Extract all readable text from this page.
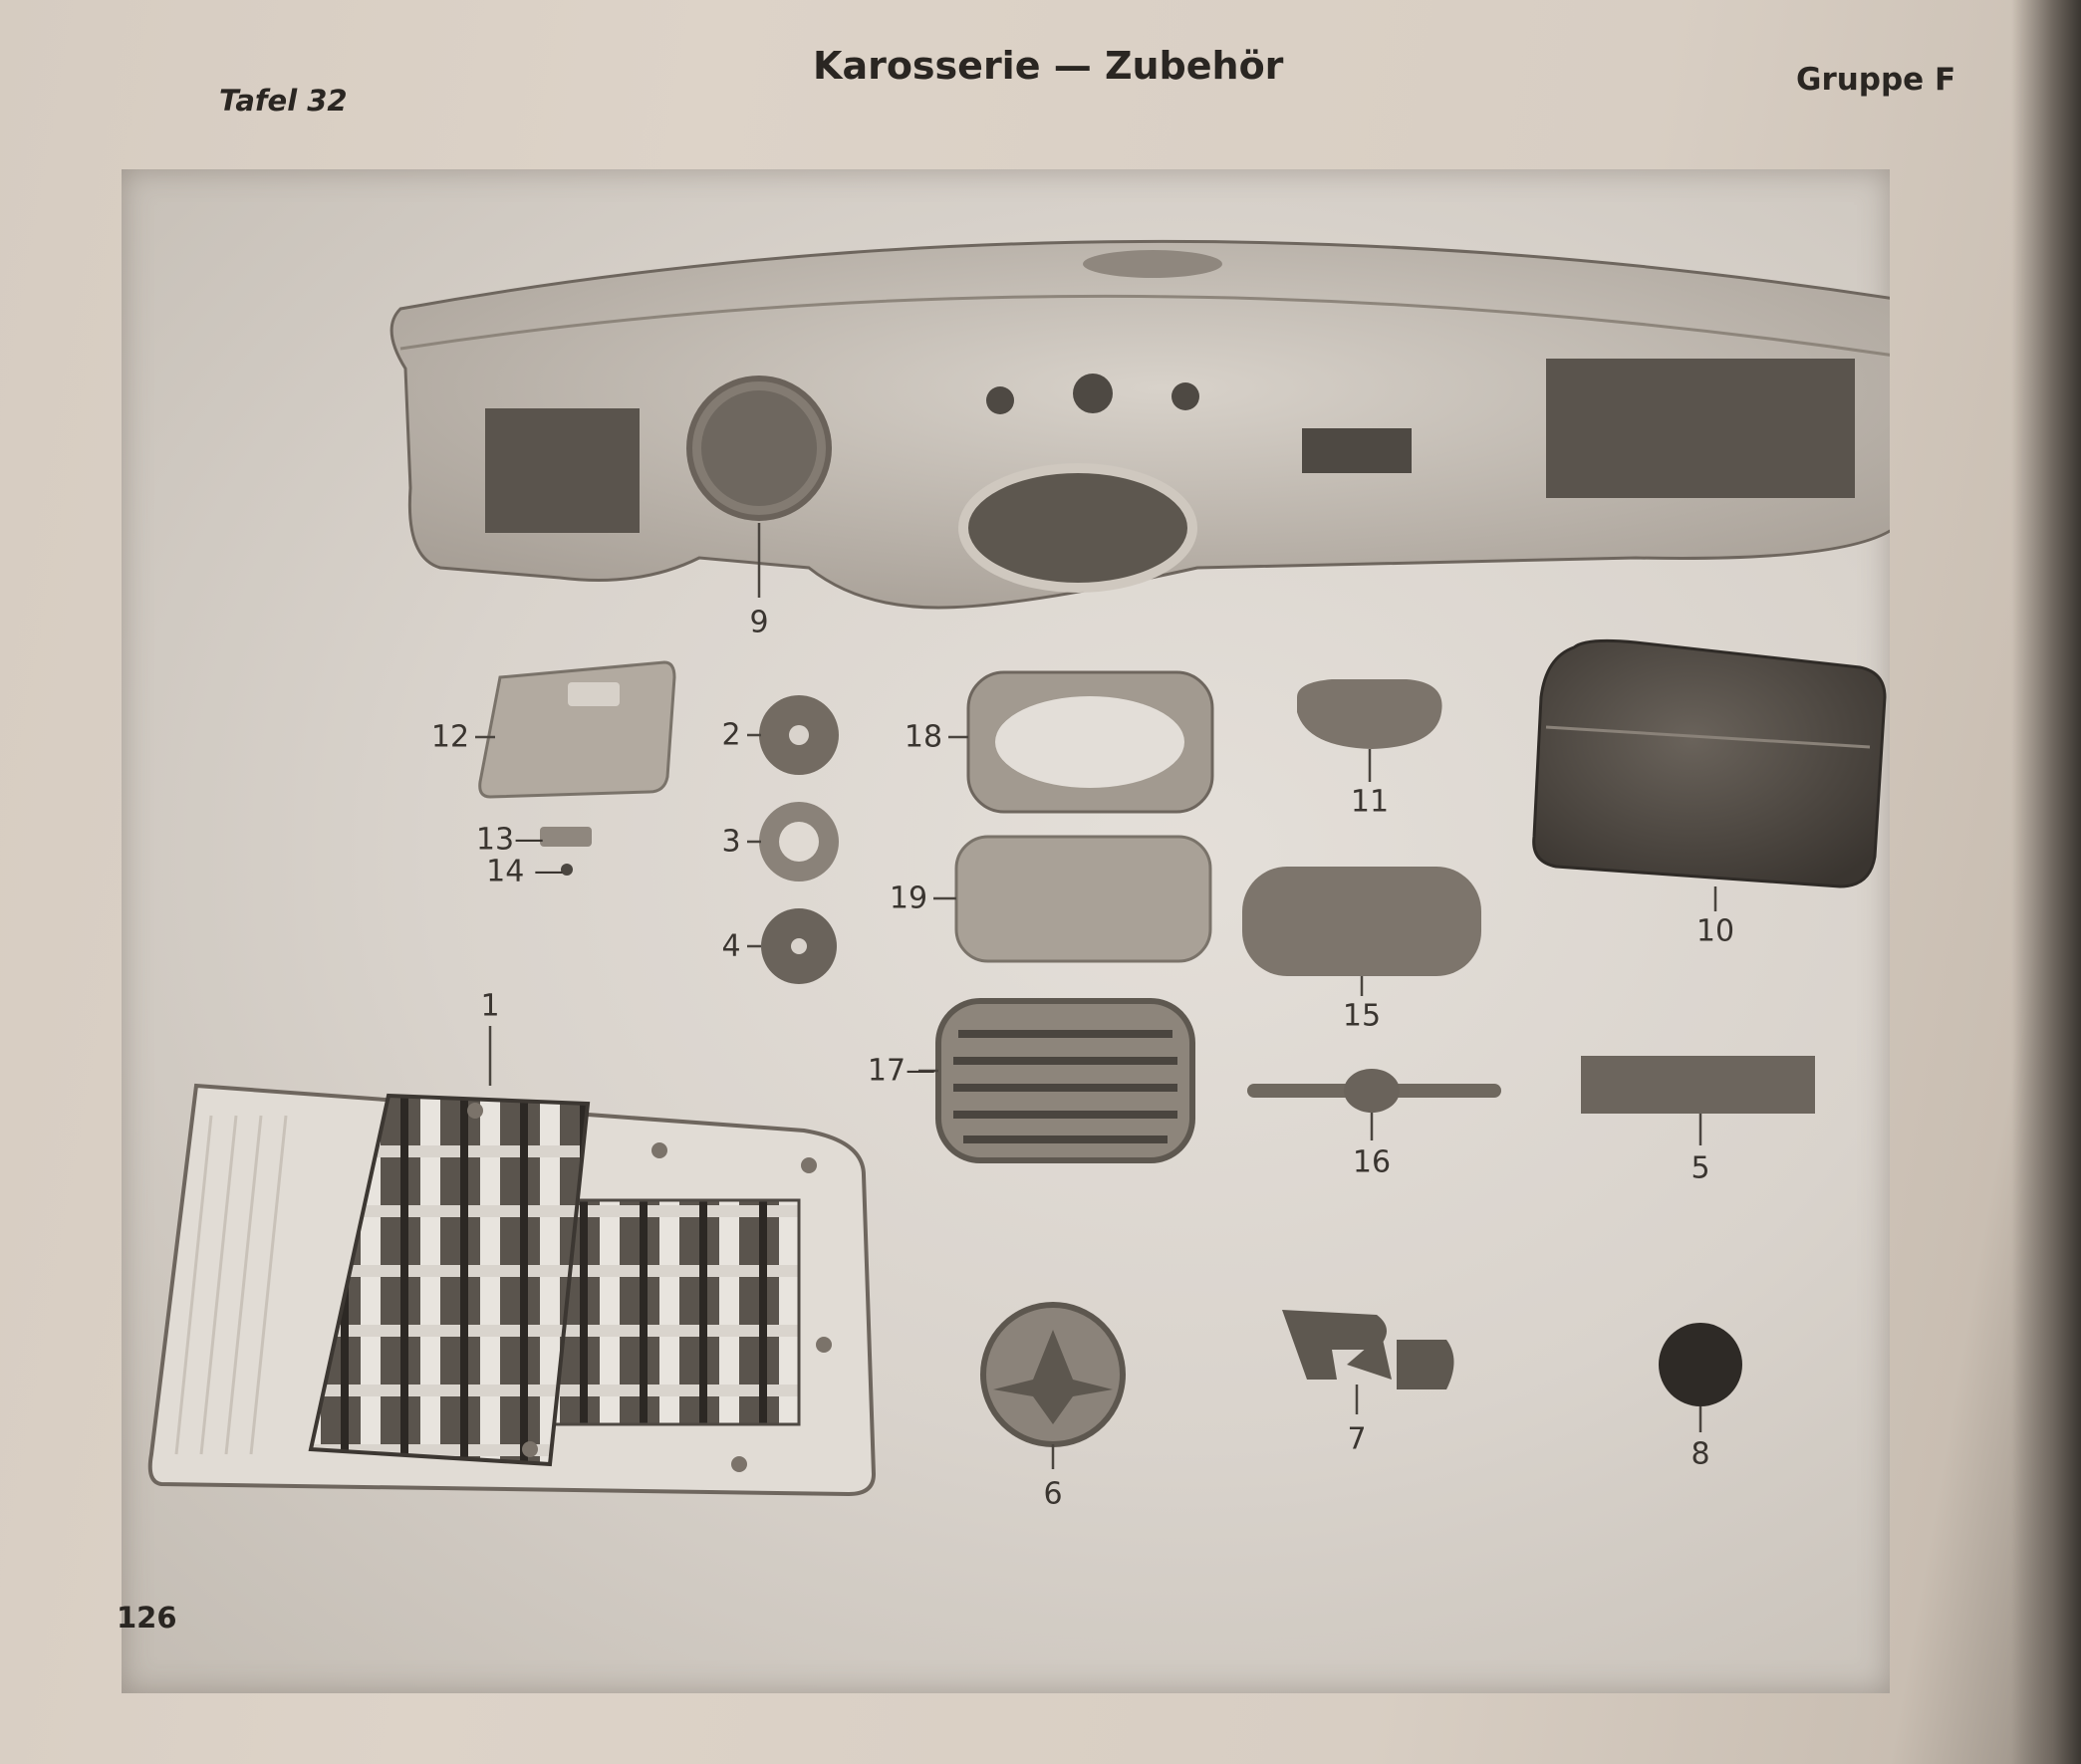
Tafel 32
Karosserie — Zubehör	Gruppe F
9
12
13—
14 —
2
3
4
18
19
17—
11
10
15
16	5
1
6
7	8
126
